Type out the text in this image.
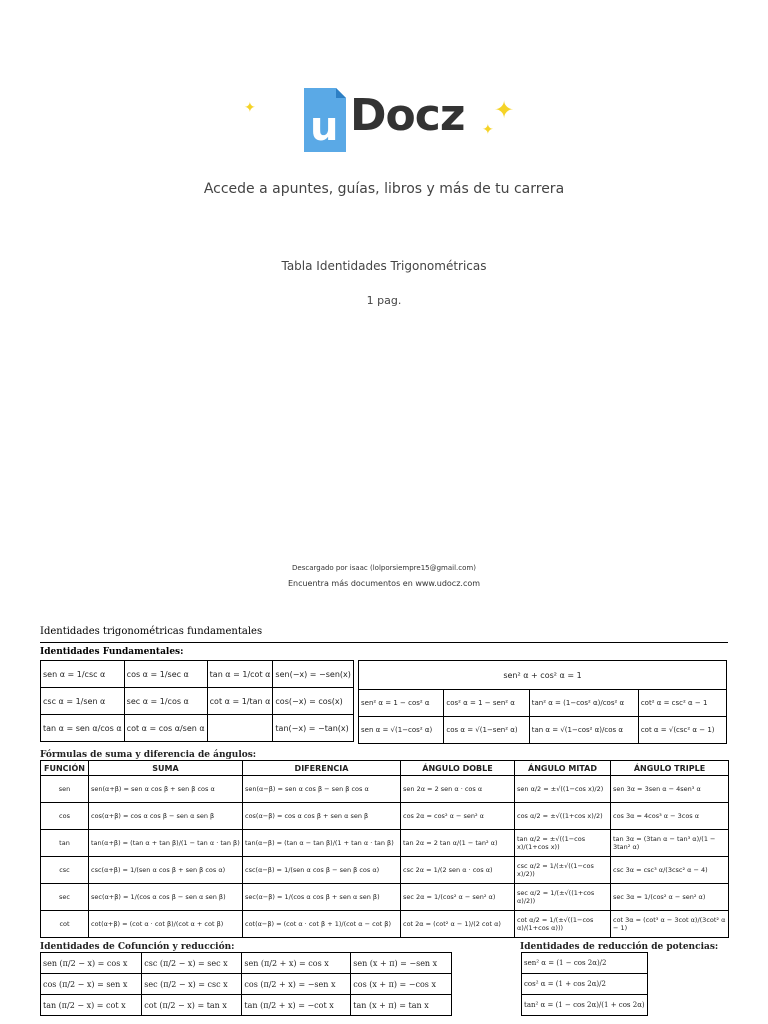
u Docz
✦	✦
✦
Accede a apuntes, guías, libros y más de tu carrera
Tabla Identidades Trigonométricas
1 pag.
Descargado por isaac (lolporsiempre15@gmail.com)
Encuentra más documentos en www.udocz.com
Identidades trigonométricas fundamentales
Identidades Fundamentales:
sen α = 1/csc α	cos α = 1/sec α	tan α = 1/cot α	sen(−x) = −sen(x)
csc α = 1/sen α	sec α = 1/cos α	cot α = 1/tan α	cos(−x) = cos(x)
tan α = sen α/cos α	cot α = cos α/sen α		tan(−x) = −tan(x)
sen² α + cos² α = 1			
sen² α = 1 − cos² α	cos² α = 1 − sen² α	tan² α = (1−cos² α)/cos² α	cot² α = csc² α − 1
sen α = √(1−cos² α)	cos α = √(1−sen² α)	tan α = √(1−cos² α)/cos α	cot α = √(csc² α − 1)
Fórmulas de suma y diferencia de ángulos:
FUNCIÓN	SUMA	DIFERENCIA	ÁNGULO DOBLE	ÁNGULO MITAD	ÁNGULO TRIPLE
sen	sen(α+β) = sen α cos β + sen β cos α	sen(α−β) = sen α cos β − sen β cos α	sen 2α = 2 sen α · cos α	sen α/2 = ±√((1−cos x)/2)	sen 3α = 3sen α − 4sen³ α
cos	cos(α+β) = cos α cos β − sen α sen β	cos(α−β) = cos α cos β + sen α sen β	cos 2α = cos² α − sen² α	cos α/2 = ±√((1+cos x)/2)	cos 3α = 4cos³ α − 3cos α
tan	tan(α+β) = (tan α + tan β)/(1 − tan α · tan β)	tan(α−β) = (tan α − tan β)/(1 + tan α · tan β)	tan 2α = 2 tan α/(1 − tan² α)	tan α/2 = ±√((1−cos x)/(1+cos x))	tan 3α = (3tan α − tan³ α)/(1 − 3tan² α)
csc	csc(α+β) = 1/(sen α cos β + sen β cos α)	csc(α−β) = 1/(sen α cos β − sen β cos α)	csc 2α = 1/(2 sen α · cos α)	csc α/2 = 1/(±√((1−cos x)/2))	csc 3α = csc³ α/(3csc² α − 4)
sec	sec(α+β) = 1/(cos α cos β − sen α sen β)	sec(α−β) = 1/(cos α cos β + sen α sen β)	sec 2α = 1/(cos² α − sen² α)	sec α/2 = 1/(±√((1+cos α)/2))	sec 3α = 1/(cos² α − sen² α)
cot	cot(α+β) = (cot α · cot β)/(cot α + cot β)	cot(α−β) = (cot α · cot β + 1)/(cot α − cot β)	cot 2α = (cot² α − 1)/(2 cot α)	cot α/2 = 1/(±√((1−cos α)/(1+cos α)))	cot 3α = (cot³ α − 3cot α)/(3cot² α − 1)
Identidades de Cofunción y reducción:
sen (π/2 − x) = cos x	csc (π/2 − x) = sec x	sen (π/2 + x) = cos x	sen (x + π) = −sen x
cos (π/2 − x) = sen x	sec (π/2 − x) = csc x	cos (π/2 + x) = −sen x	cos (x + π) = −cos x
tan (π/2 − x) = cot x	cot (π/2 − x) = tan x	tan (π/2 + x) = −cot x	tan (x + π) = tan x
Identidades de reducción de potencias:
sen² α = (1 − cos 2α)/2
cos² α = (1 + cos 2α)/2
tan² α = (1 − cos 2α)/(1 + cos 2α)
